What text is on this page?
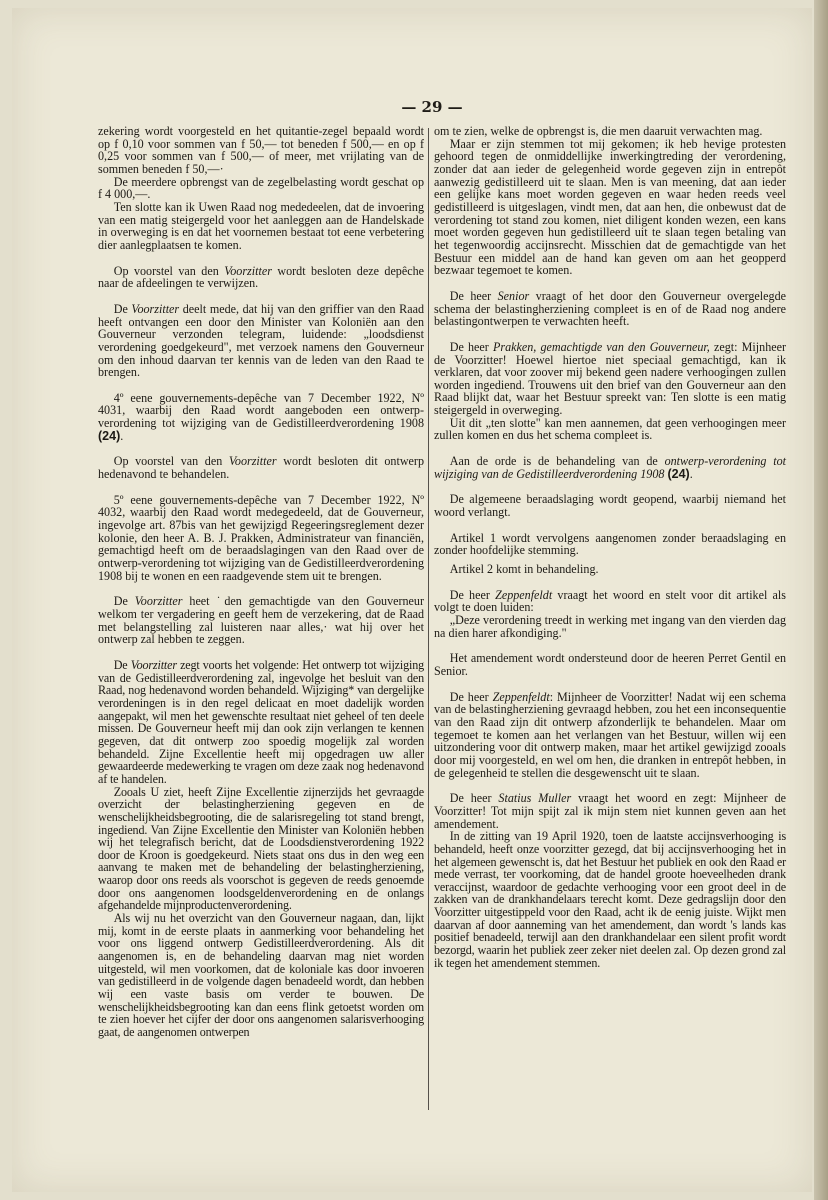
— 29 —

zekering wordt voorgesteld en het quitantie-zegel bepaald wordt op f 0,10 voor sommen van f 50,— tot beneden f 500,— en op f 0,25 voor sommen van f 500,— of meer, met vrijlating van de sommen beneden f 50,—·

De meerdere opbrengst van de zegelbelasting wordt geschat op f 4 000,—.

Ten slotte kan ik Uwen Raad nog mededeelen, dat de invoering van een matig steigergeld voor het aanleggen aan de Handelskade in overweging is en dat het voornemen bestaat tot eene verbetering dier aanlegplaatsen te komen.

Op voorstel van den Voorzitter wordt besloten deze depêche naar de afdeelingen te verwijzen.

De Voorzitter deelt mede, dat hij van den griffier van den Raad heeft ontvangen een door den Minister van Koloniën aan den Gouverneur verzonden telegram, luidende: „loodsdienst verordening goedgekeurd", met verzoek namens den Gouverneur om den inhoud daarvan ter kennis van de leden van den Raad te brengen.

4º eene gouvernements-depêche van 7 December 1922, Nº 4031, waarbij den Raad wordt aangeboden een ontwerp-verordening tot wijziging van de Gedistilleerdverordening 1908 (24).

Op voorstel van den Voorzitter wordt besloten dit ontwerp hedenavond te behandelen.

5º eene gouvernements-depêche van 7 December 1922, Nº 4032, waarbij den Raad wordt medegedeeld, dat de Gouverneur, ingevolge art. 87bis van het gewijzigd Regeeringsreglement dezer kolonie, den heer A. B. J. Prakken, Administrateur van financiën, gemachtigd heeft om de beraadslagingen van den Raad over de ontwerp-verordening tot wijziging van de Gedistilleerdverordening 1908 bij te wonen en een raadgevende stem uit te brengen.

De Voorzitter heet ˙den gemachtigde van den Gouverneur welkom ter vergadering en geeft hem de verzekering, dat de Raad met belangstelling zal luisteren naar alles,· wat hij over het ontwerp zal hebben te zeggen.

De Voorzitter zegt voorts het volgende: Het ontwerp tot wijziging van de Gedistilleerdverordening zal, ingevolge het besluit van den Raad, nog hedenavond worden behandeld. Wijziging* van dergelijke verordeningen is in den regel delicaat en moet dadelijk worden aangepakt, wil men het gewenschte resultaat niet geheel of ten deele missen. De Gouverneur heeft mij dan ook zijn verlangen te kennen gegeven, dat dit ontwerp zoo spoedig mogelijk zal worden behandeld. Zijne Excellentie heeft mij opgedragen uw aller gewaardeerde medewerking te vragen om deze zaak nog hedenavond af te handelen.

Zooals U ziet, heeft Zijne Excellentie zijnerzijds het gevraagde overzicht der belastingherziening gegeven en de wenschelijkheidsbegrooting, die de salarisregeling tot stand brengt, ingediend. Van Zijne Excellentie den Minister van Koloniën hebben wij het telegrafisch bericht, dat de Loodsdienstverordening 1922 door de Kroon is goedgekeurd. Niets staat ons dus in den weg een aanvang te maken met de behandeling der belastingherziening, waarop door ons reeds als voorschot is gegeven de reeds genoemde door ons aangenomen loodsgeldenverordening en de onlangs afgehandelde mijnproductenverordening.

Als wij nu het overzicht van den Gouverneur nagaan, dan, lijkt mij, komt in de eerste plaats in aanmerking voor behandeling het voor ons liggend ontwerp Gedistilleerdverordening. Als dit aangenomen is, en de behandeling daarvan mag niet worden uitgesteld, wil men voorkomen, dat de koloniale kas door invoeren van gedistilleerd in de volgende dagen benadeeld wordt, dan hebben wij een vaste basis om verder te bouwen. De wenschelijkheidsbegrooting kan dan eens flink getoetst worden om te zien hoever het cijfer der door ons aangenomen salarisverhooging gaat, de aangenomen ontwerpen

om te zien, welke de opbrengst is, die men daaruit verwachten mag.

Maar er zijn stemmen tot mij gekomen; ik heb hevige protesten gehoord tegen de onmiddellijke inwerkingtreding der verordening, zonder dat aan ieder de gelegenheid worde gegeven zijn in entrepôt aanwezig gedistilleerd uit te slaan. Men is van meening, dat aan ieder een gelijke kans moet worden gegeven en waar heden reeds veel gedistilleerd is uitgeslagen, vindt men, dat aan hen, die onbewust dat de verordening tot stand zou komen, niet diligent konden wezen, een kans moet worden gegeven hun gedistilleerd uit te slaan tegen betaling van het tegenwoordig accijnsrecht. Misschien dat de gemachtigde van het Bestuur een middel aan de hand kan geven om aan het geopperd bezwaar tegemoet te komen.

De heer Senior vraagt of het door den Gouverneur overgelegde schema der belastingherziening compleet is en of de Raad nog andere belastingontwerpen te verwachten heeft.

De heer Prakken, gemachtigde van den Gouverneur, zegt: Mijnheer de Voorzitter! Hoewel hiertoe niet speciaal gemachtigd, kan ik verklaren, dat voor zoover mij bekend geen nadere verhoogingen zullen worden ingediend. Trouwens uit den brief van den Gouverneur aan den Raad blijkt dat, waar het Bestuur spreekt van: Ten slotte is een matig steigergeld in overweging.

Uit dit „ten slotte" kan men aannemen, dat geen verhoogingen meer zullen komen en dus het schema compleet is.

Aan de orde is de behandeling van de ontwerp-verordening tot wijziging van de Gedistilleerdverordening 1908 (24).

De algemeene beraadslaging wordt geopend, waarbij niemand het woord verlangt.

Artikel 1 wordt vervolgens aangenomen zonder beraadslaging en zonder hoofdelijke stemming.

Artikel 2 komt in behandeling.

De heer Zeppenfeldt vraagt het woord en stelt voor dit artikel als volgt te doen luiden:

„Deze verordening treedt in werking met ingang van den vierden dag na dien harer afkondiging."

Het amendement wordt ondersteund door de heeren Perret Gentil en Senior.

De heer Zeppenfeldt: Mijnheer de Voorzitter! Nadat wij een schema van de belastingherziening gevraagd hebben, zou het een inconsequentie van den Raad zijn dit ontwerp afzonderlijk te behandelen. Maar om tegemoet te komen aan het verlangen van het Bestuur, willen wij een uitzondering voor dit ontwerp maken, maar het artikel gewijzigd zooals door mij voorgesteld, en wel om hen, die dranken in entrepôt hebben, in de gelegenheid te stellen die desgewenscht uit te slaan.

De heer Statius Muller vraagt het woord en zegt: Mijnheer de Voorzitter! Tot mijn spijt zal ik mijn stem niet kunnen geven aan het amendement.

In de zitting van 19 April 1920, toen de laatste accijnsverhooging is behandeld, heeft onze voorzitter gezegd, dat bij accijnsverhooging het in het algemeen gewenscht is, dat het Bestuur het publiek en ook den Raad er mede verrast, ter voorkoming, dat de handel groote hoeveelheden drank veraccijnst, waardoor de gedachte verhooging voor een groot deel in de zakken van de drankhandelaars terecht komt. Deze gedragslijn door den Voorzitter uitgestippeld voor den Raad, acht ik de eenig juiste. Wijkt men daarvan af door aanneming van het amendement, dan wordt 's lands kas positief benadeeld, terwijl aan den drankhandelaar een silent profit wordt bezorgd, waarin het publiek zeer zeker niet deelen zal. Op dezen grond zal ik tegen het amendement stemmen.
